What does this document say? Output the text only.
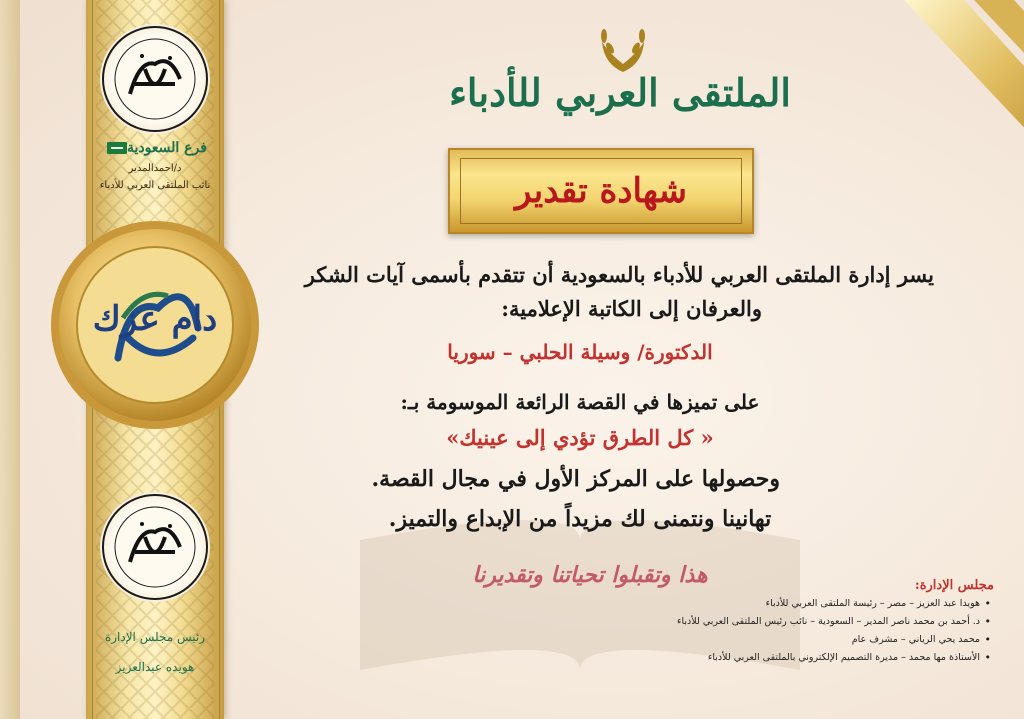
فرع السعودية
د/احمدالمدير
نائب الملتقى العربي للأدباء
دام عزك
رئيس مجلس الإدارة
هويده عبدالعزيز
الملتقى العربي للأدباء
شهادة تقدير
يسر إدارة الملتقى العربي للأدباء بالسعودية أن تتقدم بأسمى آيات الشكر
والعرفان إلى الكاتبة الإعلامية:
الدكتورة/ وسيلة الحلبي – سوريا
على تميزها في القصة الرائعة الموسومة بـ:
« كل الطرق تؤدي إلى عينيك»
وحصولها على المركز الأول في مجال القصة.
تهانينا ونتمنى لك مزيداً من الإبداع والتميز.
هذا وتقبلوا تحياتنا وتقديرنا	مجلس الإدارة:
• هويدا عبد العزيز – مصر – رئيسة الملتقى العربي للأدباء
• د. أحمد بن محمد ناصر المدير – السعودية – نائب رئيس الملتقى العربي للأدباء
• محمد يحي الرياني – مشرف عام
• الأستاذة مها محمد – مديرة التصميم الإلكتروني بالملتقى العربي للأدباء
